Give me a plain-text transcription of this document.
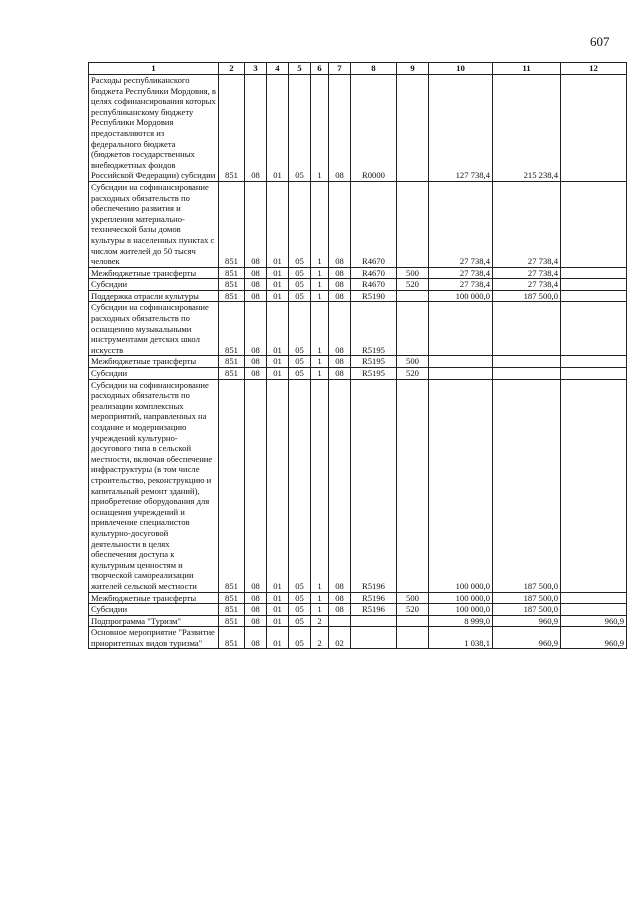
607
1	2	3	4	5	6	7	8	9	10	11	12
Расходы республиканского бюджета Республики Мордовия, в целях софинансирования которых республиканскому бюджету Республики Мордовия предоставляются из федерального бюджета (бюджетов государственных внебюджетных фондов Российской Федерации) субсидии	851	08	01	05	1	08	R0000		127 738,4	215 238,4	
Субсидии на софинансирование расходных обязательств по обеспечению развития и укрепления материально-технической базы домов культуры в населенных пунктах с числом жителей до 50 тысяч человек	851	08	01	05	1	08	R4670		27 738,4	27 738,4	
Межбюджетные трансферты	851	08	01	05	1	08	R4670	500	27 738,4	27 738,4	
Субсидии	851	08	01	05	1	08	R4670	520	27 738,4	27 738,4	
Поддержка отрасли культуры	851	08	01	05	1	08	R5190		100 000,0	187 500,0	
Субсидии на софинансирование расходных обязательств по оснащению музыкальными инструментами детских школ искусств	851	08	01	05	1	08	R5195				
Межбюджетные трансферты	851	08	01	05	1	08	R5195	500			
Субсидии	851	08	01	05	1	08	R5195	520			
Субсидии на софинансирование расходных обязательств по реализации комплексных мероприятий, направленных на создание и модернизацию учреждений культурно-досугового типа в сельской местности, включая обеспечение инфраструктуры (в том числе строительство, реконструкцию и капитальный ремонт зданий), приобретение оборудования для оснащения учреждений и привлечение специалистов культурно-досуговой деятельности в целях обеспечения доступа к культурным ценностям и творческой самореализации жителей сельской местности	851	08	01	05	1	08	R5196		100 000,0	187 500,0	
Межбюджетные трансферты	851	08	01	05	1	08	R5196	500	100 000,0	187 500,0	
Субсидии	851	08	01	05	1	08	R5196	520	100 000,0	187 500,0	
Подпрограмма "Туризм"	851	08	01	05	2				8 999,0	960,9	960,9
Основное мероприятие "Развитие приоритетных видов туризма"	851	08	01	05	2	02			1 038,1	960,9	960,9
